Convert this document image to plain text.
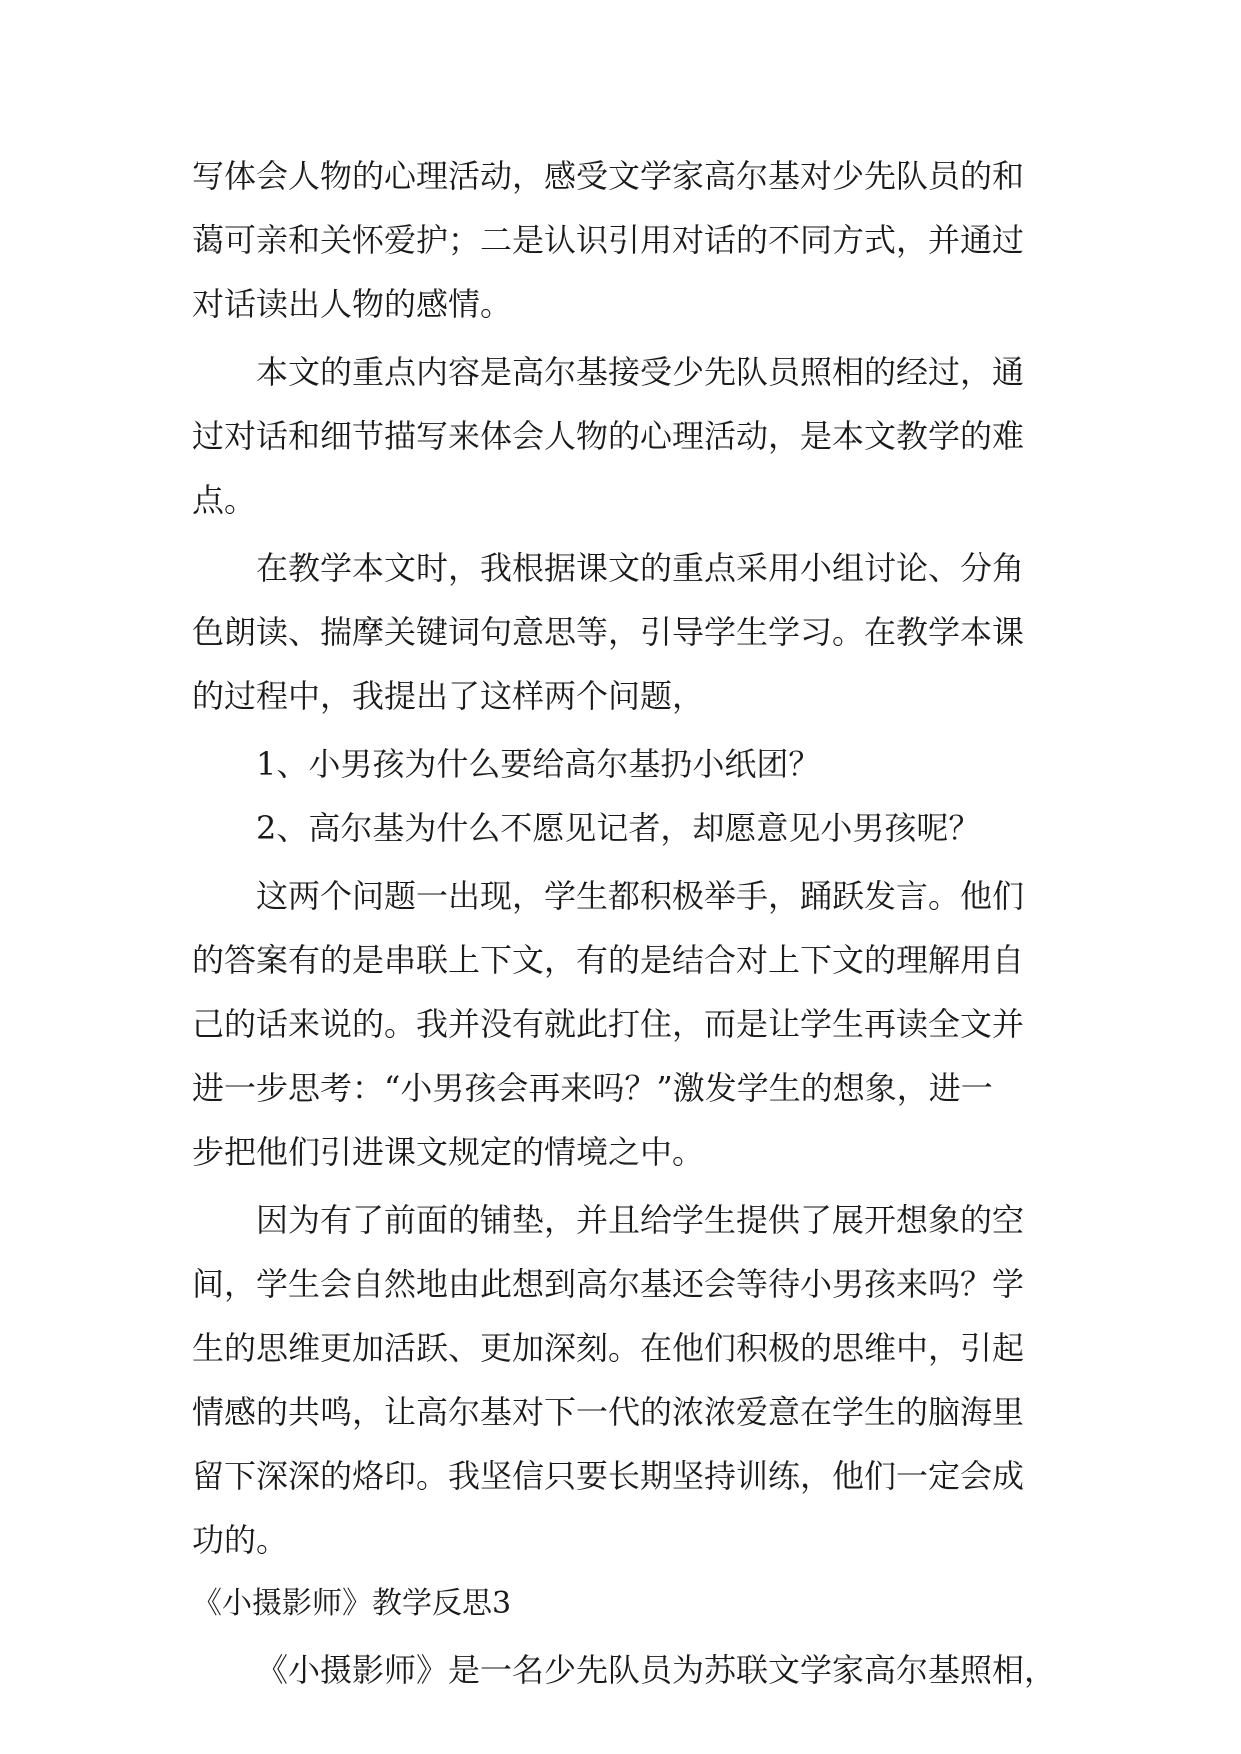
写体会人物的心理活动，感受文学家高尔基对少先队员的和
蔼可亲和关怀爱护；二是认识引用对话的不同方式，并通过
对话读出人物的感情。
本文的重点内容是高尔基接受少先队员照相的经过，通
过对话和细节描写来体会人物的心理活动，是本文教学的难
点。
在教学本文时，我根据课文的重点采用小组讨论、分角
色朗读、揣摩关键词句意思等，引导学生学习。在教学本课
的过程中，我提出了这样两个问题，
1、小男孩为什么要给高尔基扔小纸团？
2、高尔基为什么不愿见记者，却愿意见小男孩呢？
这两个问题一出现，学生都积极举手，踊跃发言。他们
的答案有的是串联上下文，有的是结合对上下文的理解用自
己的话来说的。我并没有就此打住，而是让学生再读全文并
进一步思考：“小男孩会再来吗？”激发学生的想象，进一
步把他们引进课文规定的情境之中。
因为有了前面的铺垫，并且给学生提供了展开想象的空
间，学生会自然地由此想到高尔基还会等待小男孩来吗？学
生的思维更加活跃、更加深刻。在他们积极的思维中，引起
情感的共鸣，让高尔基对下一代的浓浓爱意在学生的脑海里
留下深深的烙印。我坚信只要长期坚持训练，他们一定会成
功的。
《小摄影师》教学反思3
《小摄影师》是一名少先队员为苏联文学家高尔基照相，
